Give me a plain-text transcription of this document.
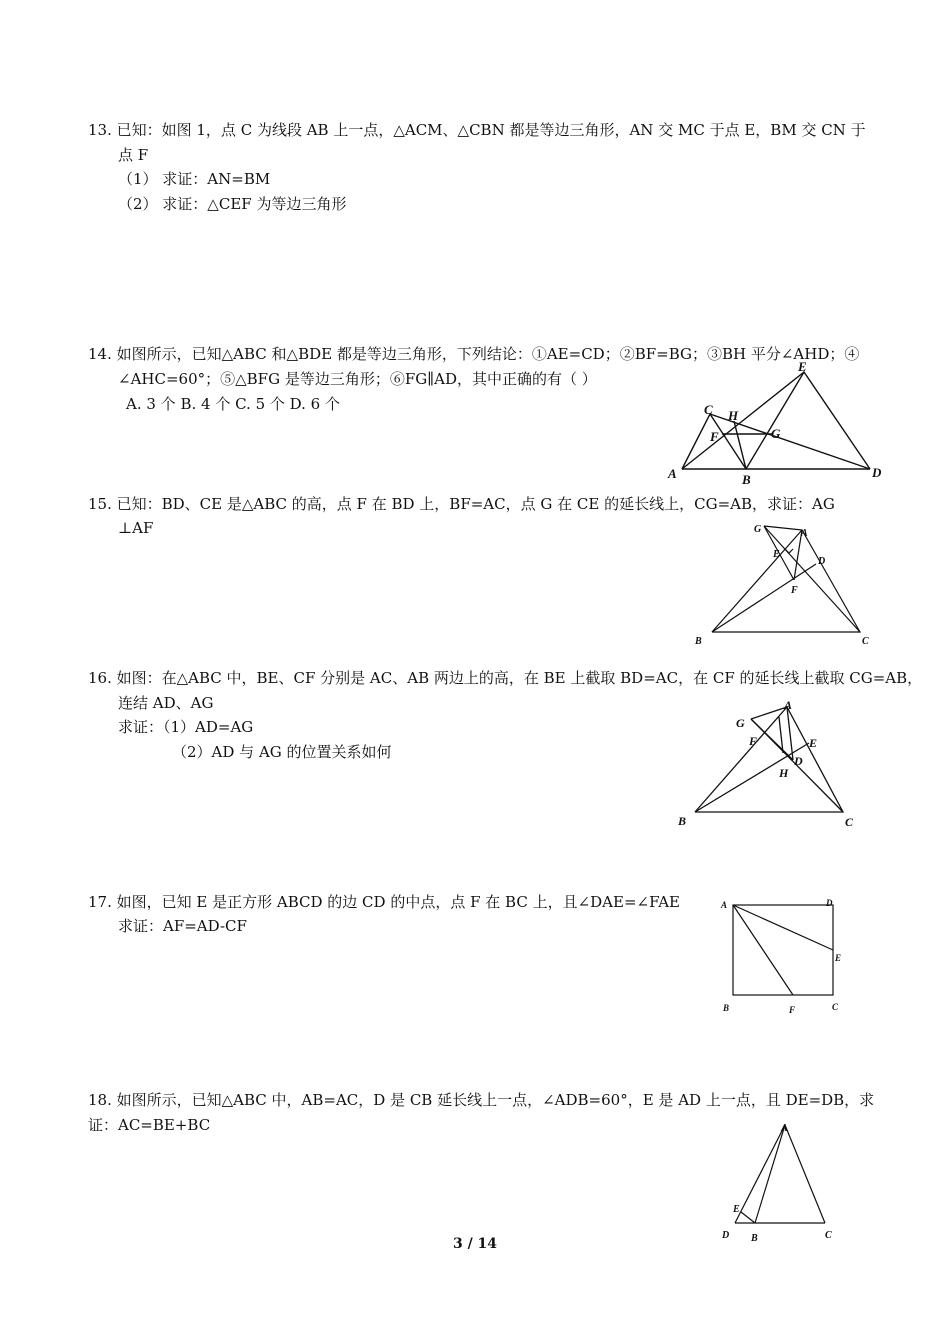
13. 已知：如图 1，点 C 为线段 AB 上一点，△ACM、△CBN 都是等边三角形，AN 交 MC 于点 E，BM 交 CN 于
点 F
（1） 求证：AN=BM
（2） 求证：△CEF 为等边三角形
14. 如图所示，已知△ABC 和△BDE 都是等边三角形，下列结论：①AE=CD；②BF=BG；③BH 平分∠AHD；④
∠AHC=60°；⑤△BFG 是等边三角形；⑥FG∥AD，其中正确的有（ ）
A. 3 个 B. 4 个 C. 5 个 D. 6 个
E
C H
F	G
A	B	D
15. 已知：BD、CE 是△ABC 的高，点 F 在 BD 上，BF=AC，点 G 在 CE 的延长线上，CG=AB，求证：AG
⊥AF	G	A
E
D
F
B	C
16. 如图：在△ABC 中，BE、CF 分别是 AC、AB 两边上的高，在 BE 上截取 BD=AC，在 CF 的延长线上截取 CG=AB，
连结 AD、AG
求证：（1）AD=AG
（2）AD 与 AG 的位置关系如何
A
G
F	E
D
H
B	C
17. 如图，已知 E 是正方形 ABCD 的边 CD 的中点，点 F 在 BC 上，且∠DAE=∠FAE
求证：AF=AD-CF
A	D
E
B	F	C
18. 如图所示，已知△ABC 中，AB=AC，D 是 CB 延长线上一点，∠ADB=60°，E 是 AD 上一点，且 DE=DB，求
证：AC=BE+BC	A
E
D B	C
3 / 14
